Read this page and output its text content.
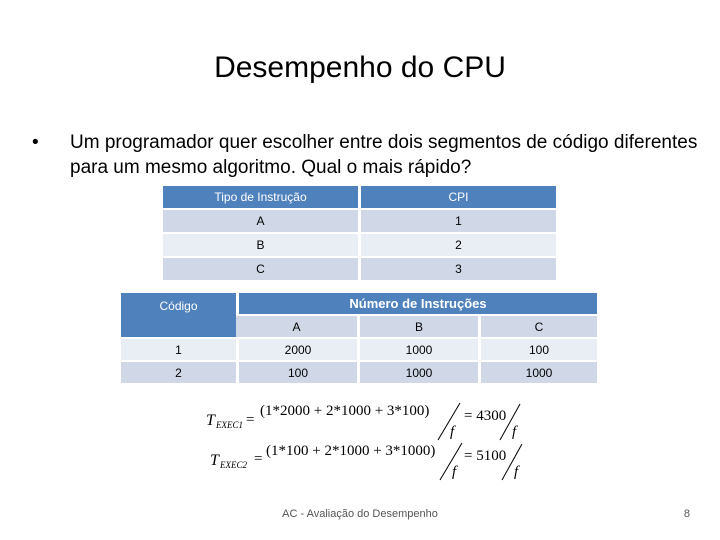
Desempenho do CPU
• Um programador quer escolher entre dois segmentos de código diferentes para um mesmo algoritmo. Qual o mais rápido?
Tipo de Instrução	CPI
A	1
B	2
C	3
Código	Número de Instruções		
	A	B	C
1	2000	1000	100
2	100	1000	1000
T EXEC1 =
(1*2000 + 2*1000 + 3*100)
f
= 4300
f
T EXEC2 = (1*100 + 2*1000 + 3*1000)
f
= 5100
f
AC - Avaliação do Desempenho	8
